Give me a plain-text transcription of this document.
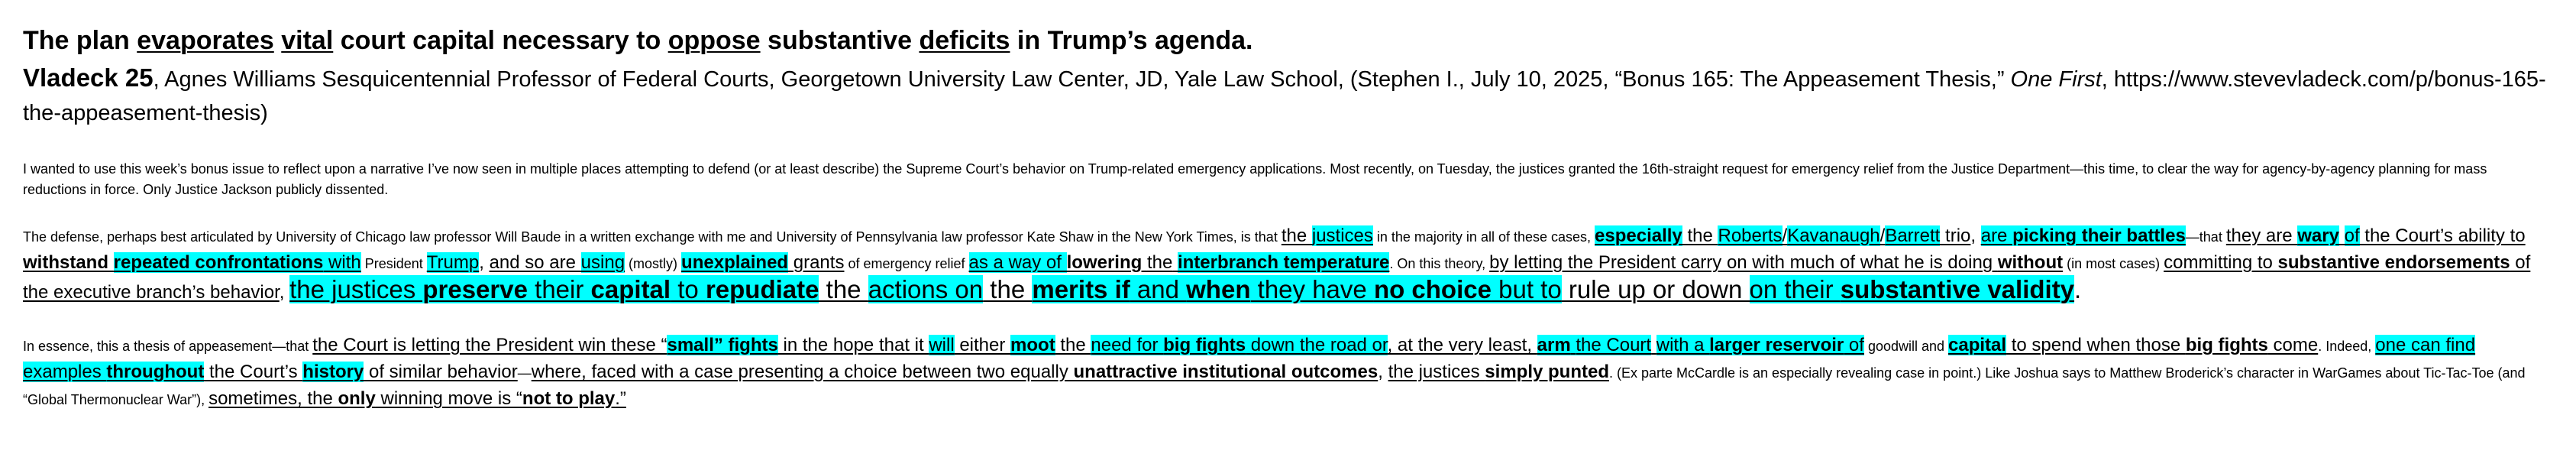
The plan evaporates vital court capital necessary to oppose substantive deficits in Trump’s agenda.
Vladeck 25, Agnes Williams Sesquicentennial Professor of Federal Courts, Georgetown University Law Center, JD, Yale Law School, (Stephen I., July 10, 2025, “Bonus 165: The Appeasement Thesis,” One First, https://www.stevevladeck.com/p/bonus-165-the-appeasement-thesis)
I wanted to use this week’s bonus issue to reflect upon a narrative I’ve now seen in multiple places attempting to defend (or at least describe) the Supreme Court’s behavior on Trump-related emergency applications. Most recently, on Tuesday, the justices granted the 16th-straight request for emergency relief from the Justice Department—this time, to clear the way for agency-by-agency planning for mass reductions in force. Only Justice Jackson publicly dissented.
The defense, perhaps best articulated by University of Chicago law professor Will Baude in a written exchange with me and University of Pennsylvania law professor Kate Shaw in the New York Times, is that the justices in the majority in all of these cases, especially the Roberts/Kavanaugh/Barrett trio, are picking their battles—that they are wary of the Court’s ability to withstand repeated confrontations with President Trump, and so are using (mostly) unexplained grants of emergency relief as a way of lowering the interbranch temperature. On this theory, by letting the President carry on with much of what he is doing without (in most cases) committing to substantive endorsements of the executive branch’s behavior, the justices preserve their capital to repudiate the actions on the merits if and when they have no choice but to rule up or down on their substantive validity.
In essence, this a thesis of appeasement—that the Court is letting the President win these “small” fights in the hope that it will either moot the need for big fights down the road or, at the very least, arm the Court with a larger reservoir of goodwill and capital to spend when those big fights come. Indeed, one can find examples throughout the Court’s history of similar behavior—where, faced with a case presenting a choice between two equally unattractive institutional outcomes, the justices simply punted. (Ex parte McCardle is an especially revealing case in point.) Like Joshua says to Matthew Broderick’s character in WarGames about Tic-Tac-Toe (and “Global Thermonuclear War”), sometimes, the only winning move is “not to play.”
